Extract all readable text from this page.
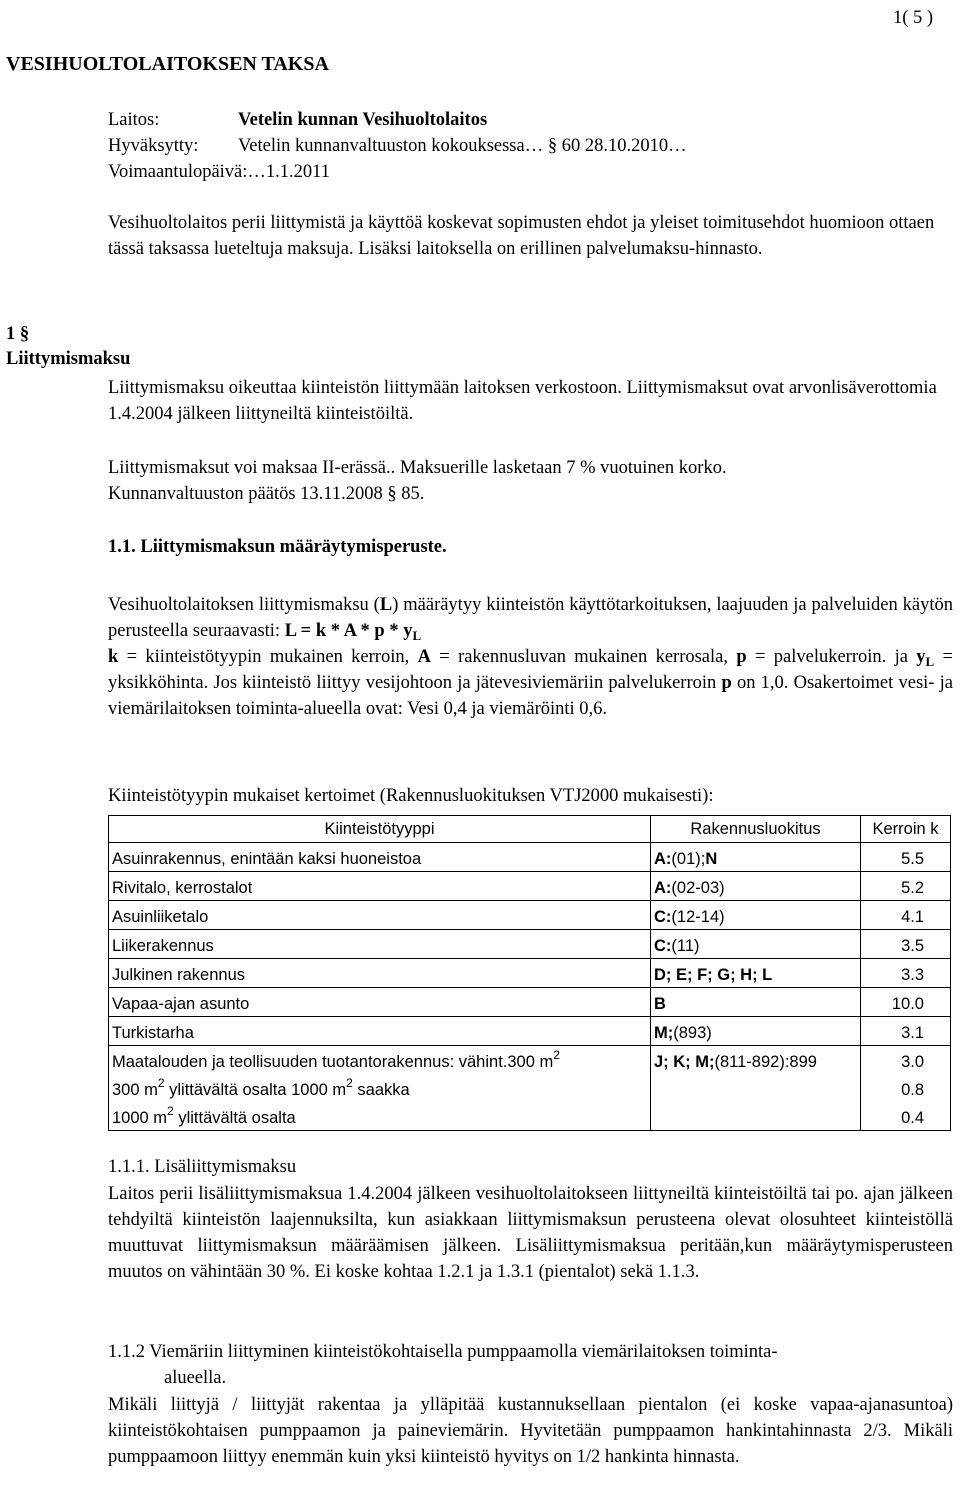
1( 5 )
VESIHUOLTOLAITOKSEN TAKSA
Laitos:	Vetelin kunnan Vesihuoltolaitos
Hyväksytty: Vetelin kunnanvaltuuston kokouksessa… § 60 28.10.2010…
Voimaantulopäivä:…1.1.2011

Vesihuoltolaitos perii liittymistä ja käyttöä koskevat sopimusten ehdot ja yleiset toimitusehdot huomioon ottaen tässä taksassa lueteltuja maksuja. Lisäksi laitoksella on erillinen palvelumaksu-hinnasto.

1 §
Liittymismaksu

Liittymismaksu oikeuttaa kiinteistön liittymään laitoksen verkostoon. Liittymismaksut ovat arvonlisäverottomia 1.4.2004 jälkeen liittyneiltä kiinteistöiltä.

Liittymismaksut voi maksaa II-erässä.. Maksuerille lasketaan 7 % vuotuinen korko.
Kunnanvaltuuston päätös 13.11.2008 § 85.
1.1. Liittymismaksun määräytymisperuste.

Vesihuoltolaitoksen liittymismaksu (L) määräytyy kiinteistön käyttötarkoituksen, laajuuden ja palveluiden käytön perusteella seuraavasti: $L = k * A * p * y_L$
k = kiinteistötyypin mukainen kerroin, A = rakennusluvan mukainen kerrosala, p = palvelukerroin. ja $y_L$ = yksikköhinta. Jos kiinteistö liittyy vesijohtoon ja jätevesiviemäriin palvelukerroin p on 1,0. Osakertoimet vesi- ja viemärilaitoksen toiminta-alueella ovat: Vesi 0,4 ja viemäröinti 0,6.

Kiinteistötyypin mukaiset kertoimet (Rakennusluokituksen VTJ2000 mukaisesti):
Kiinteistötyyppi	Rakennusluokitus	Kerroin k
Asuinrakennus, enintään kaksi huoneistoa	A:(01);N	5.5
Rivitalo, kerrostalot	A:(02-03)	5.2
Asuinliiketalo	C:(12-14)	4.1
Liikerakennus	C:(11)	3.5
Julkinen rakennus	D; E; F; G; H; L	3.3
Vapaa-ajan asunto	B	10.0
Turkistarha	M;(893)	3.1
Maatalouden ja teollisuuden tuotantorakennus: vähint.300 $m^2$	J; K; M;(811-892):899	3.0
300 $m^2$ ylittävältä osalta 1000 $m^2$ saakka		0.8
1000 $m^2$ ylittävältä osalta		0.4
1.1.1. Lisäliittymismaksu

Laitos perii lisäliittymismaksua 1.4.2004 jälkeen vesihuoltolaitokseen liittyneiltä kiinteistöiltä tai po. ajan jälkeen tehdyiltä kiinteistön laajennuksilta, kun asiakkaan liittymismaksun perusteena olevat olosuhteet kiinteistöllä muuttuvat liittymismaksun määräämisen jälkeen. Lisäliittymismaksua peritään,kun määräytymisperusteen muutos on vähintään 30 %. Ei koske kohtaa 1.2.1 ja 1.3.1 (pientalot) sekä 1.1.3.

1.1.2 Viemäriin liittyminen kiinteistökohtaisella pumppaamolla viemärilaitoksen toiminta-
alueella.

Mikäli liittyjä / liittyjät rakentaa ja ylläpitää kustannuksellaan pientalon (ei koske vapaa-ajanasuntoa) kiinteistökohtaisen pumppaamon ja paineviemärin. Hyvitetään pumppaamon hankintahinnasta 2/3. Mikäli pumppaamoon liittyy enemmän kuin yksi kiinteistö hyvitys on 1/2 hankinta hinnasta.
